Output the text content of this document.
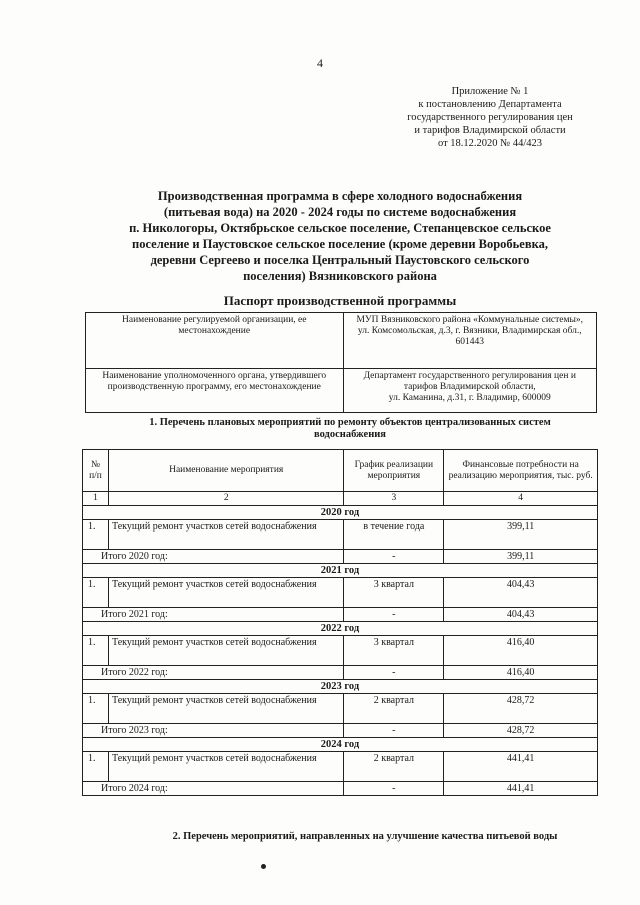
4
Приложение № 1
к постановлению Департамента
государственного регулирования цен
и тарифов Владимирской области
от 18.12.2020 № 44/423
Производственная программа в сфере холодного водоснабжения
(питьевая вода) на 2020 - 2024 годы по системе водоснабжения
п. Никологоры, Октябрьское сельское поселение, Степанцевское сельское
поселение и Паустовское сельское поселение (кроме деревни Воробьевка,
деревни Сергеево и поселка Центральный Паустовского сельского
поселения) Вязниковского района
Паспорт производственной программы
Наименование регулируемой организации, ее местонахождение	МУП Вязниковского района «Коммунальные системы»,
ул. Комсомольская, д.3, г. Вязники, Владимирская обл., 601443

Наименование уполномоченного органа, утвердившего производственную программу, его местонахождение	Департамент государственного регулирования цен и тарифов Владимирской области,
ул. Каманина, д.31, г. Владимир, 600009
1. Перечень плановых мероприятий по ремонту объектов централизованных систем водоснабжения
№ п/п	Наименование мероприятия	График реализации мероприятия	Финансовые потребности на реализацию мероприятия, тыс. руб.
1	2	3	4
2020 год			
1.	Текущий ремонт участков сетей водоснабжения	в течение года	399,11
Итого 2020 год:		-	399,11
2021 год			
1.	Текущий ремонт участков сетей водоснабжения	3 квартал	404,43
Итого 2021 год:		-	404,43
2022 год			
1.	Текущий ремонт участков сетей водоснабжения	3 квартал	416,40
Итого 2022 год:		-	416,40
2023 год			
1.	Текущий ремонт участков сетей водоснабжения	2 квартал	428,72
Итого 2023 год:		-	428,72
2024 год			
1.	Текущий ремонт участков сетей водоснабжения	2 квартал	441,41
Итого 2024 год:		-	441,41
2. Перечень мероприятий, направленных на улучшение качества питьевой воды
